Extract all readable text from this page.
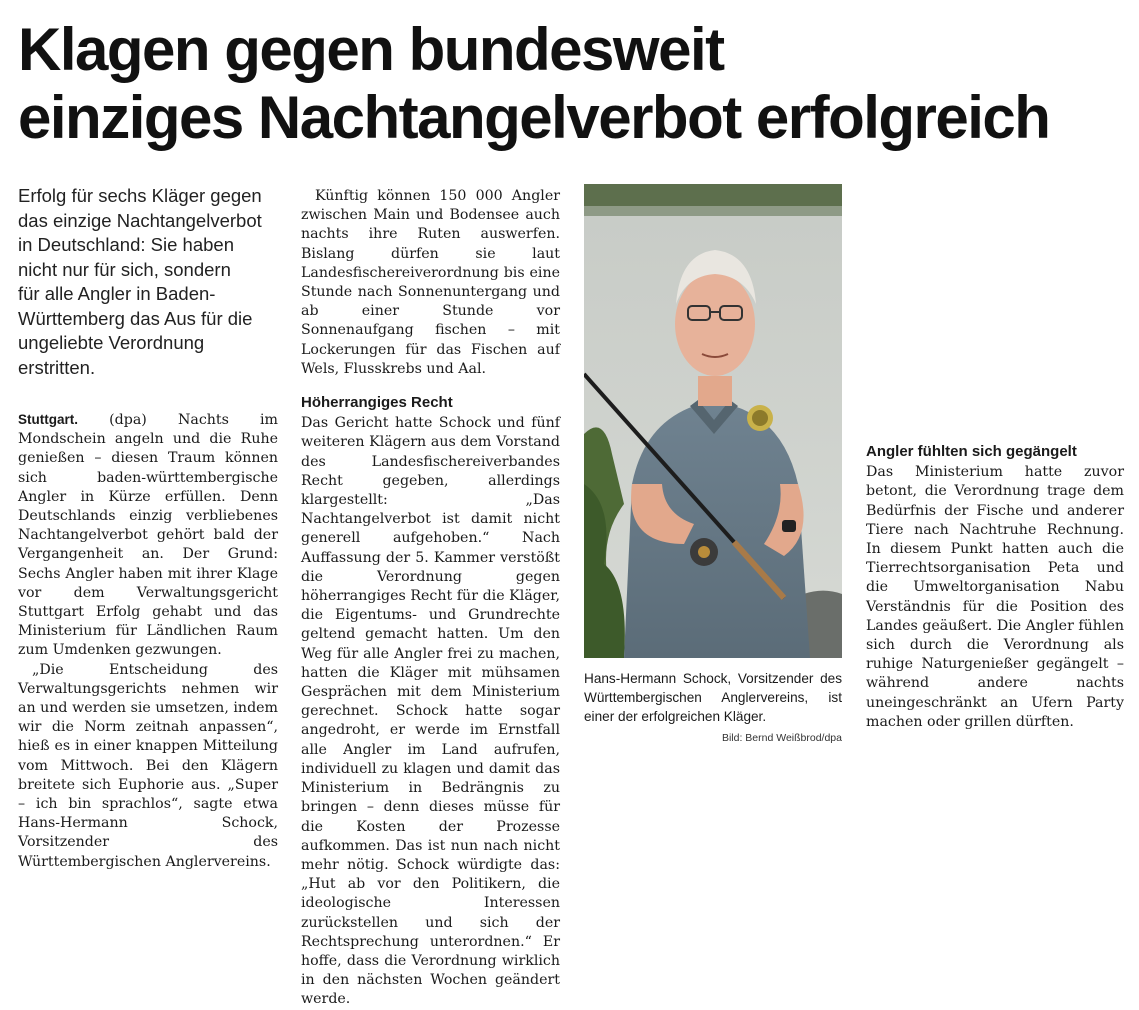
Klagen gegen bundesweit
einziges Nachtangelverbot erfolgreich
Erfolg für sechs Kläger gegen
das einzige Nachtangelverbot
in Deutschland: Sie haben
nicht nur für sich, sondern
für alle Angler in Baden-
Württemberg das Aus für die
ungeliebte Verordnung
erstritten.

Stuttgart. (dpa) Nachts im Mondschein angeln und die Ruhe genießen – diesen Traum können sich baden-württembergische Angler in Kürze erfüllen. Denn Deutschlands einzig verbliebenes Nachtangelverbot gehört bald der Vergangenheit an. Der Grund: Sechs Angler haben mit ihrer Klage vor dem Verwaltungsgericht Stuttgart Erfolg gehabt und das Ministerium für Ländlichen Raum zum Umdenken gezwungen.

„Die Entscheidung des Verwaltungsgerichts nehmen wir an und werden sie umsetzen, indem wir die Norm zeitnah anpassen“, hieß es in einer knappen Mitteilung vom Mittwoch. Bei den Klägern breitete sich Euphorie aus. „Super – ich bin sprachlos“, sagte etwa Hans-Hermann Schock, Vorsitzender des Württembergischen Anglervereins.

Künftig können 150 000 Angler zwischen Main und Bodensee auch nachts ihre Ruten auswerfen. Bislang dürfen sie laut Landesfischereiverordnung bis eine Stunde nach Sonnenuntergang und ab einer Stunde vor Sonnenaufgang fischen – mit Lockerungen für das Fischen auf Wels, Flusskrebs und Aal.

Höherrangiges Recht

Das Gericht hatte Schock und fünf weiteren Klägern aus dem Vorstand des Landesfischereiverbandes Recht gegeben, allerdings klargestellt: „Das Nachtangelverbot ist damit nicht generell aufgehoben.“ Nach Auffassung der 5. Kammer verstößt die Verordnung gegen höherrangiges Recht für die Kläger, die Eigentums- und Grundrechte geltend gemacht hatten. Um den Weg für alle Angler frei zu machen, hatten die Kläger mit mühsamen Gesprächen mit dem Ministerium gerechnet. Schock hatte sogar angedroht, er werde im Ernstfall alle Angler im Land aufrufen, individuell zu klagen und damit das Ministerium in Bedrängnis zu bringen – denn dieses müsse für die Kosten der Prozesse aufkommen. Das ist nun nach nicht mehr nötig. Schock würdigte das: „Hut ab vor den Politikern, die ideologische Interessen zurückstellen und sich der Rechtsprechung unterordnen.“ Er hoffe, dass die Verordnung wirklich in den nächsten Wochen geändert werde.

Hans-Hermann Schock, Vorsitzender des Württembergischen Anglervereins, ist einer der erfolgreichen Kläger.
Bild: Bernd Weißbrod/dpa
Angler fühlten sich gegängelt

Das Ministerium hatte zuvor betont, die Verordnung trage dem Bedürfnis der Fische und anderer Tiere nach Nachtruhe Rechnung. In diesem Punkt hatten auch die Tierrechtsorganisation Peta und die Umweltorganisation Nabu Verständnis für die Position des Landes geäußert. Die Angler fühlen sich durch die Verordnung als ruhige Naturgenießer gegängelt – während andere nachts uneingeschränkt an Ufern Party machen oder grillen dürften.
